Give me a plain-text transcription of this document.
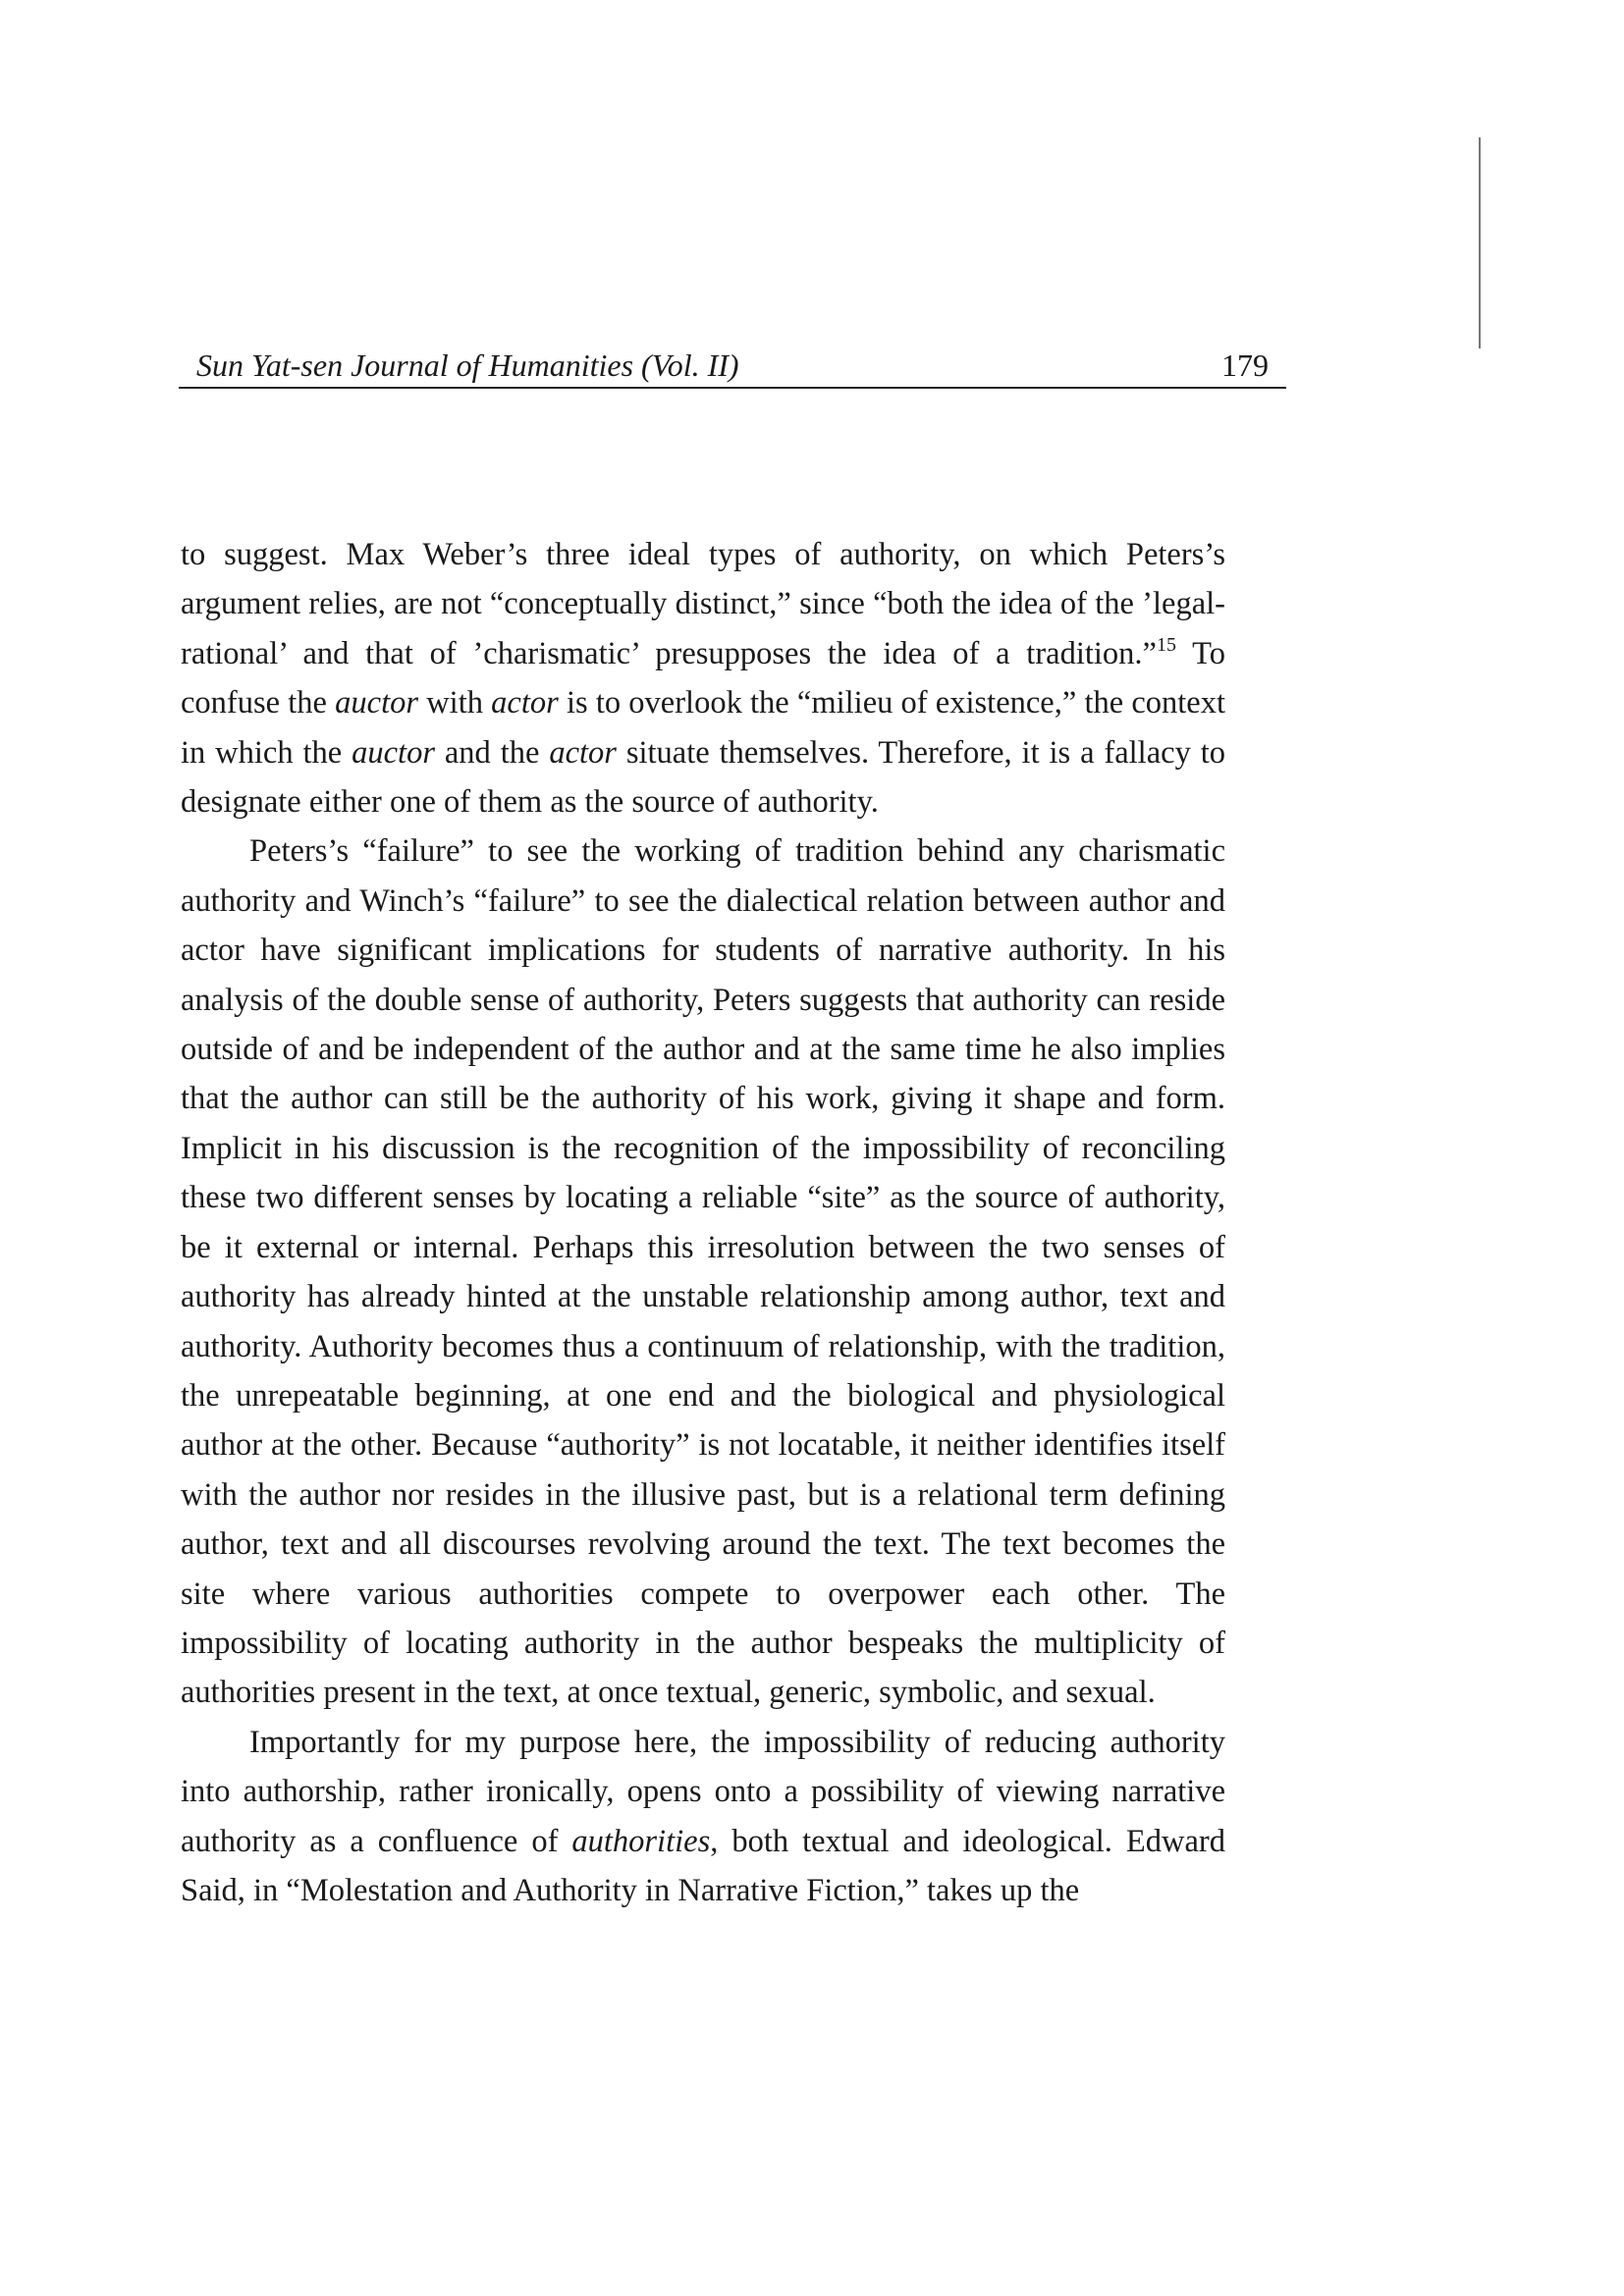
Sun Yat-sen Journal of Humanities (Vol. II)	179

to suggest. Max Weber’s three ideal types of authority, on which Peters’s argument relies, are not “conceptually distinct,” since “both the idea of the ’legal-rational’ and that of ’charismatic’ presupposes the idea of a tradition.”$^{15}$ To confuse the auctor with actor is to overlook the “milieu of existence,” the context in which the auctor and the actor situate themselves. Therefore, it is a fallacy to designate either one of them as the source of authority.

Peters’s “failure” to see the working of tradition behind any charismatic authority and Winch’s “failure” to see the dialectical relation between author and actor have significant implications for students of narrative authority. In his analysis of the double sense of authority, Peters suggests that authority can reside outside of and be independent of the author and at the same time he also implies that the author can still be the authority of his work, giving it shape and form. Implicit in his discussion is the recognition of the impossibility of reconciling these two different senses by locating a reliable “site” as the source of authority, be it external or internal. Perhaps this irresolution between the two senses of authority has already hinted at the unstable relationship among author, text and authority. Authority becomes thus a continuum of relationship, with the tradition, the unrepeatable beginning, at one end and the biological and physiological author at the other. Because “authority” is not locatable, it neither identifies itself with the author nor resides in the illusive past, but is a relational term defining author, text and all discourses revolving around the text. The text becomes the site where various authorities compete to overpower each other. The impossibility of locating authority in the author bespeaks the multiplicity of authorities present in the text, at once textual, generic, symbolic, and sexual.

Importantly for my purpose here, the impossibility of reducing authority into authorship, rather ironically, opens onto a possibility of viewing narrative authority as a confluence of authorities, both textual and ideological. Edward Said, in “Molestation and Authority in Narrative Fiction,” takes up the
